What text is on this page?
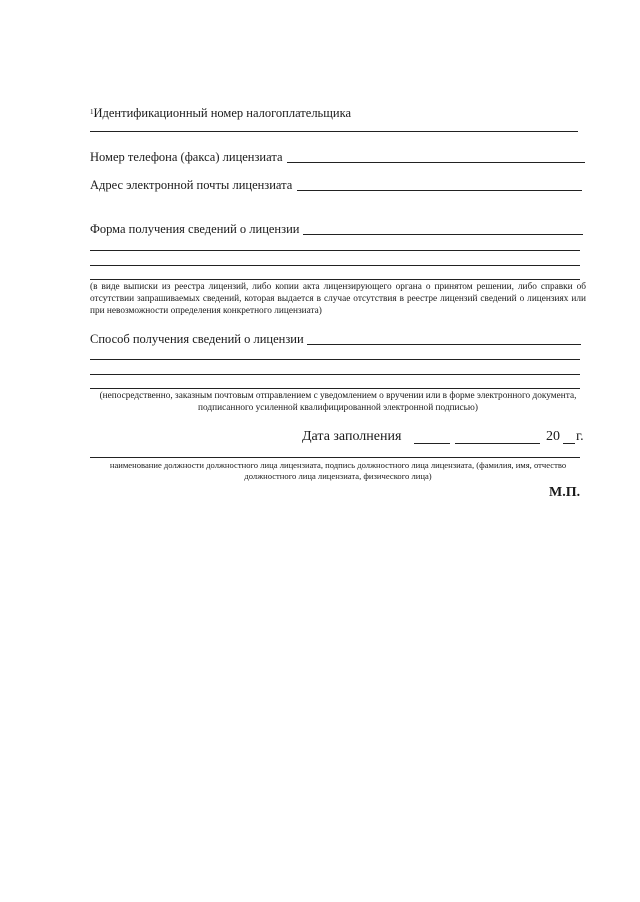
$^1$Идентификационный номер налогоплательщика
Номер телефона (факса) лицензиата
Адрес электронной почты лицензиата
Форма получения сведений о лицензии
(в виде выписки из реестра лицензий, либо копии акта лицензирующего органа о принятом решении, либо справки об отсутствии запрашиваемых сведений, которая выдается в случае отсутствия в реестре лицензий сведений о лицензиях или при невозможности определения конкретного лицензиата)
Способ получения сведений о лицензии
(непосредственно, заказным почтовым отправлением с уведомлением о вручении или в форме электронного документа, подписанного усиленной квалифицированной электронной подписью)
Дата заполнения	20 г.
наименование должности должностного лица лицензиата, подпись должностного лица лицензиата, (фамилия, имя, отчество должностного лица лицензиата, физического лица)
М.П.
